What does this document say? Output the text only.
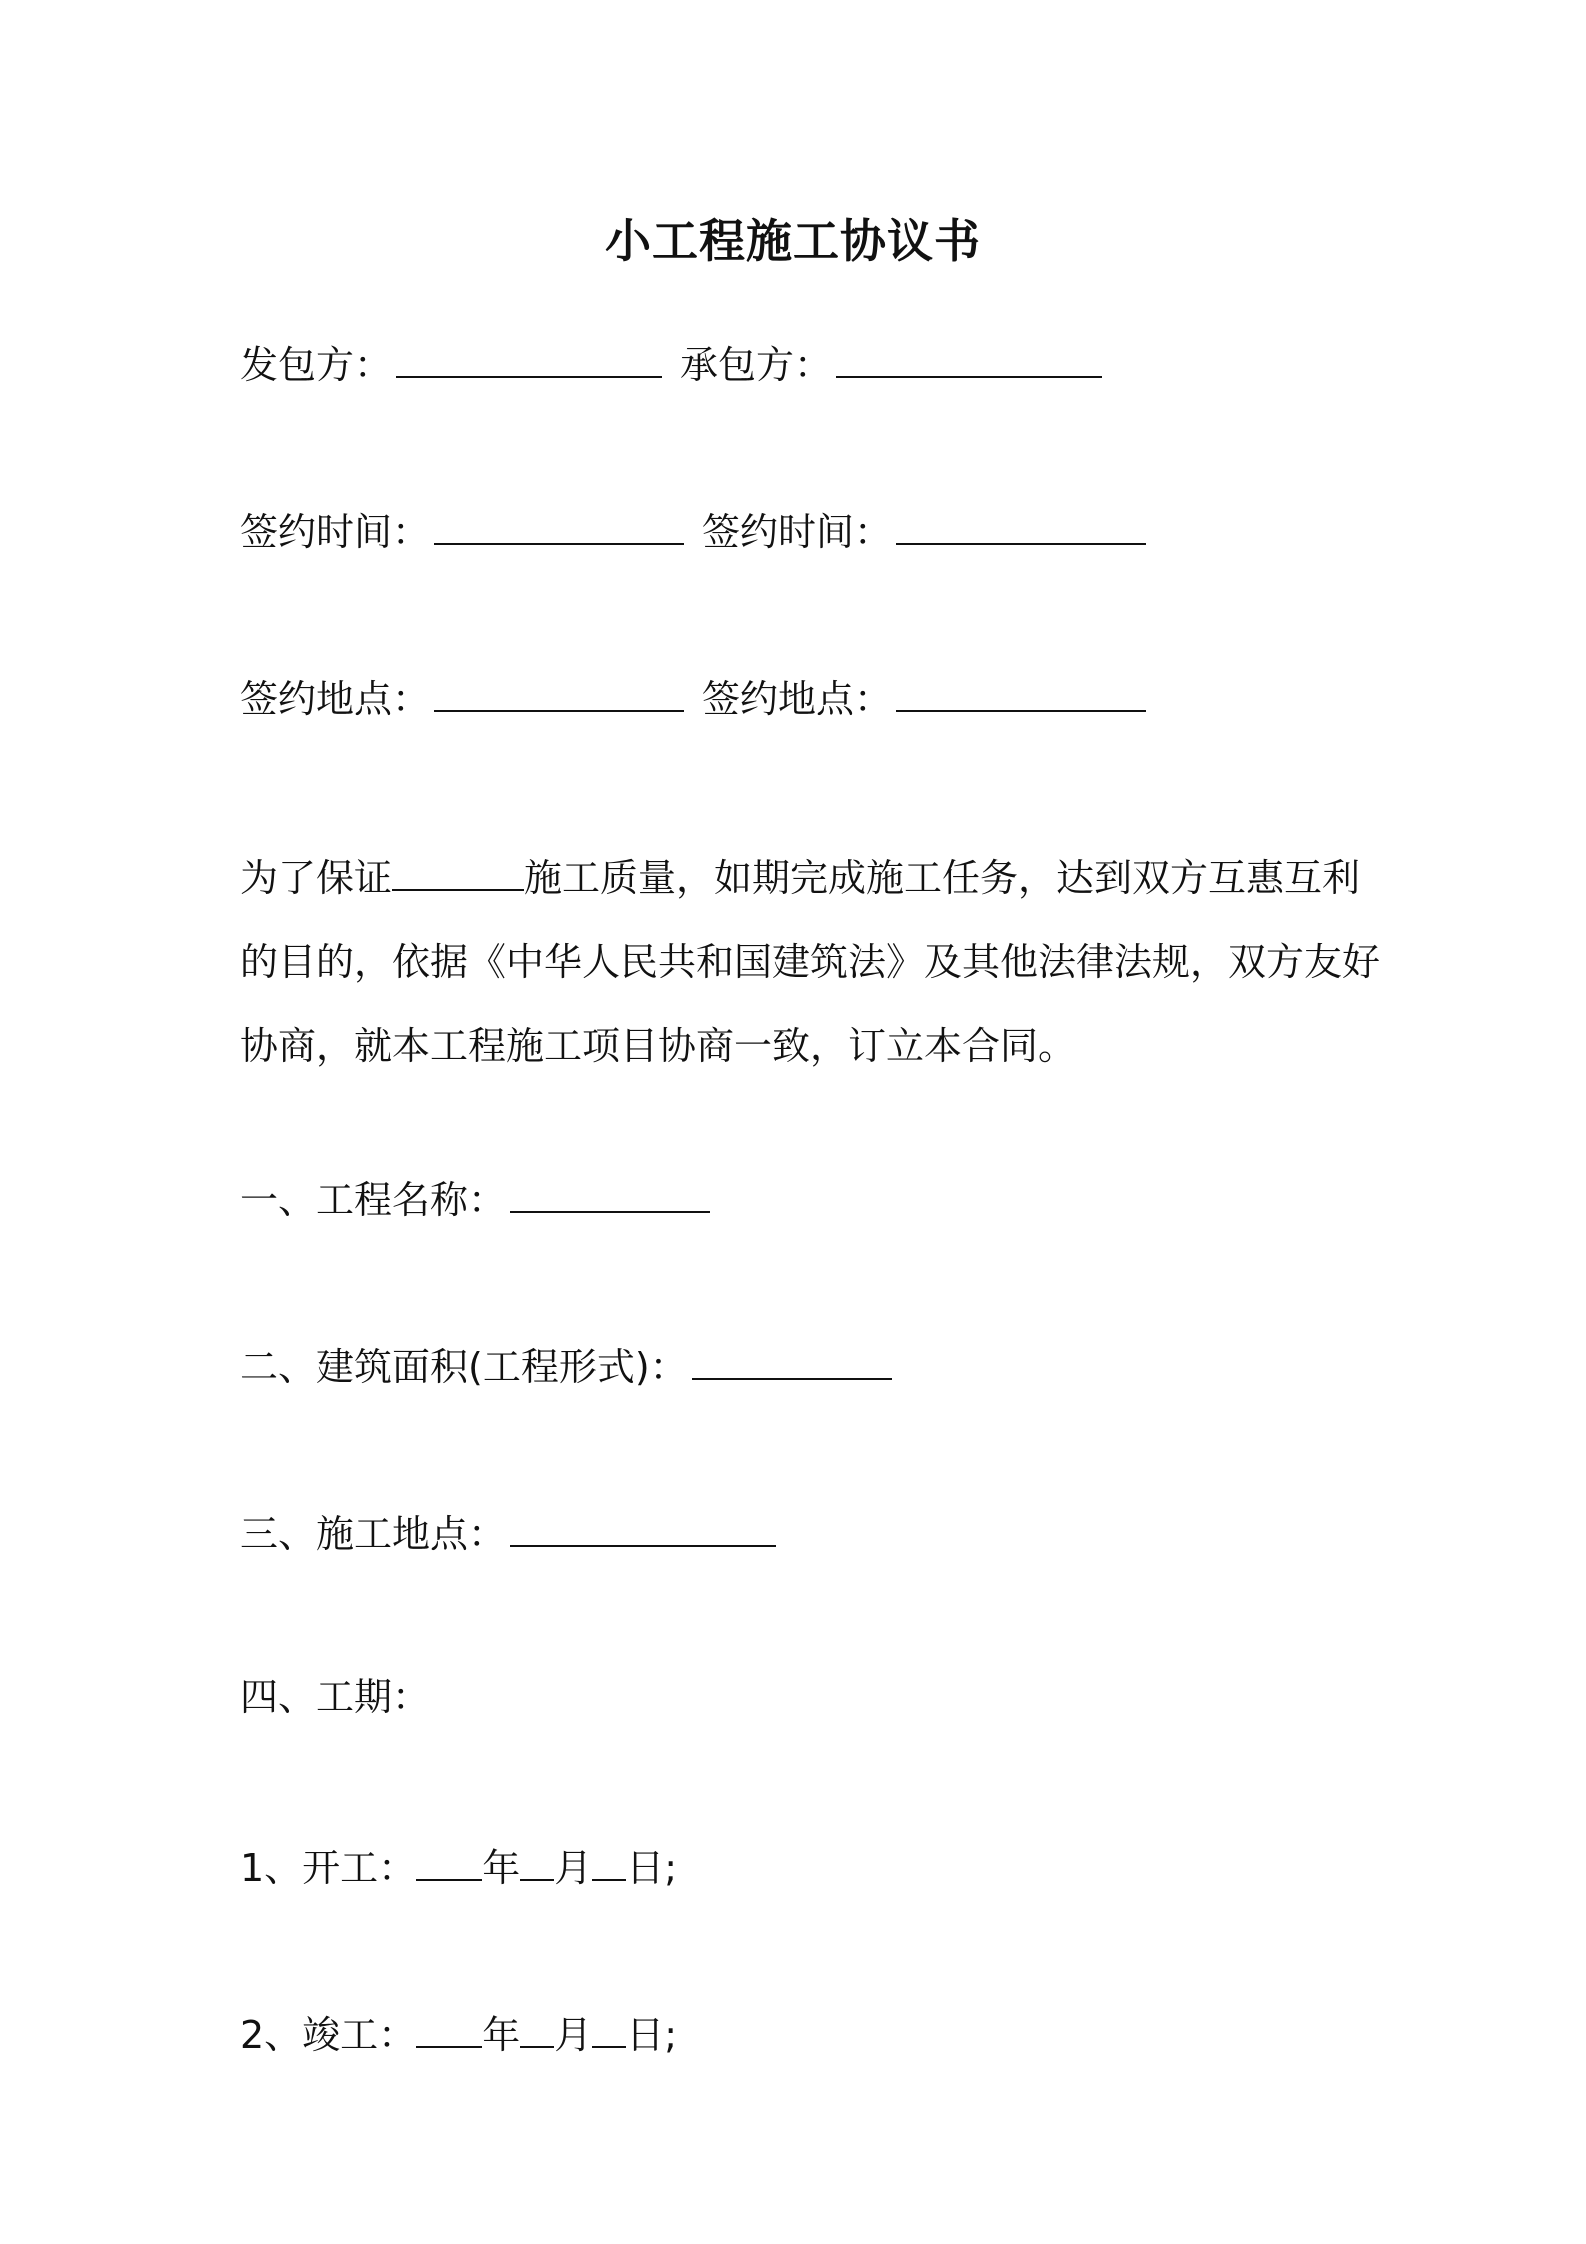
小工程施工协议书
发包方：	承包方：
签约时间：	签约时间：
签约地点：	签约地点：
为了保证	施工质量，如期完成施工任务，达到双方互惠互利
的目的，依据《中华人民共和国建筑法》及其他法律法规，双方友好
协商，就本工程施工项目协商一致，订立本合同。
一、工程名称：
二、建筑面积(工程形式)：
三、施工地点：
四、工期：
1、开工： 年 月 日;
2、竣工： 年 月 日;
